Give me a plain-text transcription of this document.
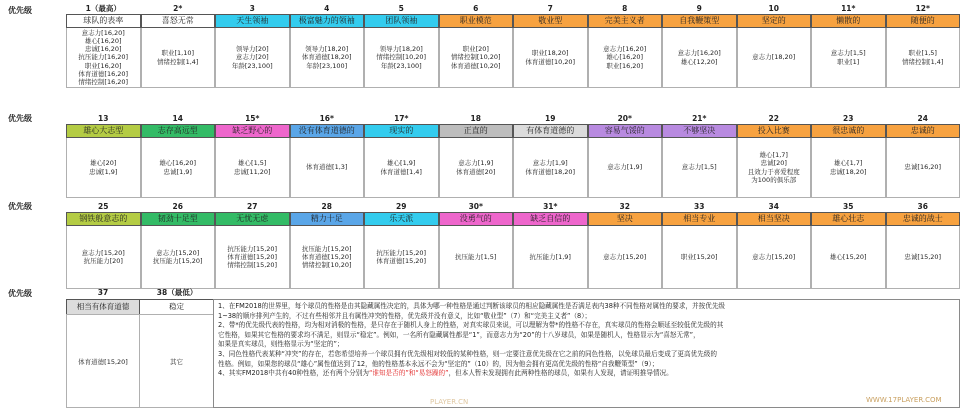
优先级
优先级
优先级
优先级
1（最高）
球队的表率
意志力[16,20]
雄心[16,20]
忠诚[16,20]
抗压能力[16,20]
职业[16,20]
体育道德[16,20]
情绪控制[16,20]
2*
喜怒无常
职业[1,10]
情绪控制[1,4]
3
天生领袖
领导力[20]
意志力[20]
年龄[23,100]
4
极富魅力的领袖
领导力[18,20]
体育道德[18,20]
年龄[23,100]
5
团队领袖
领导力[18,20]
情绪控制[10,20]
年龄[23,100]
6
职业模范
职业[20]
情绪控制[10,20]
体育道德[10,20]
7
敬业型
职业[18,20]
体育道德[10,20]
8
完美主义者
意志力[16,20]
雄心[16,20]
职业[16,20]
9
自我鞭策型
意志力[16,20]
雄心[12,20]
10
坚定的
意志力[18,20]
11*
懒散的
意志力[1,5]
职业[1]
12*
随便的
职业[1,5]
情绪控制[1,4]
13
雄心大志型
雄心[20]
忠诚[1,9]
14
志存高远型
雄心[16,20]
忠诚[1,9]
15*
缺乏野心的
雄心[1,5]
忠诚[11,20]
16*
没有体育道德的
体育道德[1,3]
17*
现实的
雄心[1,9]
体育道德[1,4]
18
正直的
意志力[1,9]
体育道德[20]
19
有体育道德的
意志力[1,9]
体育道德[18,20]
20*
容易气馁的
意志力[1,9]
21*
不够坚决
意志力[1,5]
22
投入比赛
雄心[1,7]
忠诚[20]
且效力于喜爱程度
为100的俱乐部
23
很忠诚的
雄心[1,7]
忠诚[18,20]
24
忠诚的
忠诚[16,20]
25
钢铁般意志的
意志力[15,20]
抗压能力[20]
26
韧劲十足型
意志力[15,20]
抗压能力[15,20]
27
无忧无虑
抗压能力[15,20]
体育道德[15,20]
情绪控制[15,20]
28
精力十足
抗压能力[15,20]
体育道德[15,20]
情绪控制[10,20]
29
乐天派
抗压能力[15,20]
体育道德[15,20]
30*
没勇气的
抗压能力[1,5]
31*
缺乏自信的
抗压能力[1,9]
32
坚决
意志力[15,20]
33
相当专业
职业[15,20]
34
相当坚决
意志力[15,20]
35
雄心壮志
雄心[15,20]
36
忠诚的战士
忠诚[15,20]
37	38（最低）
相当有体育道德
体育道德[15,20]
稳定
其它

1、在FM2018的世界里，每个球员的性格是由其隐藏属性决定的，具体为哪一种性格是通过判断该球员的相应隐藏属性是否满足表内38种不同性格对属性的要求，并按优先级

1~38的顺序排列产生的，不过有些相邻并且有属性冲突的性格，优先级并没有意义，比如“敬业型”（7）和“完美主义者”（8）；

2、带*的优先级代表的性格，均为相对消极的性格，是只存在于随机人身上的性格，对真实球员来说，可以理解为带*的性格不存在，真实球员的性格会顺延至较低优先级的其

它性格，如果其它性格的要求均不满足，则显示“稳定”。例如，一名所有隐藏属性都是“1”，而意志力为“20”的十八岁球员，如果是随机人，性格显示为“喜怒无常”，

如果是真实球员，则性格显示为“坚定的”；

3、同色性格代表某种“冲突”的存在，若您希望培养一个球员拥有优先级相对较低的某种性格，则一定要注意优先级在它之前的同色性格，以免球员最后变成了更高优先级的

性格。例如，如果您的球员“雄心”属性值达到了12，他的性格基本永远不会为“坚定的”（10）的，因为他会拥有更高优先级的性格“自我鞭策型”（9）；

4、其实FM2018中共有40种性格，还有两个分别为“谁知是否的”和“易怒躁的”，但本人暂未发现拥有此两种性格的球员，如果有人发现，请证明推导情况。

PLAYER.CN	WWW.17PLAYER.COM
